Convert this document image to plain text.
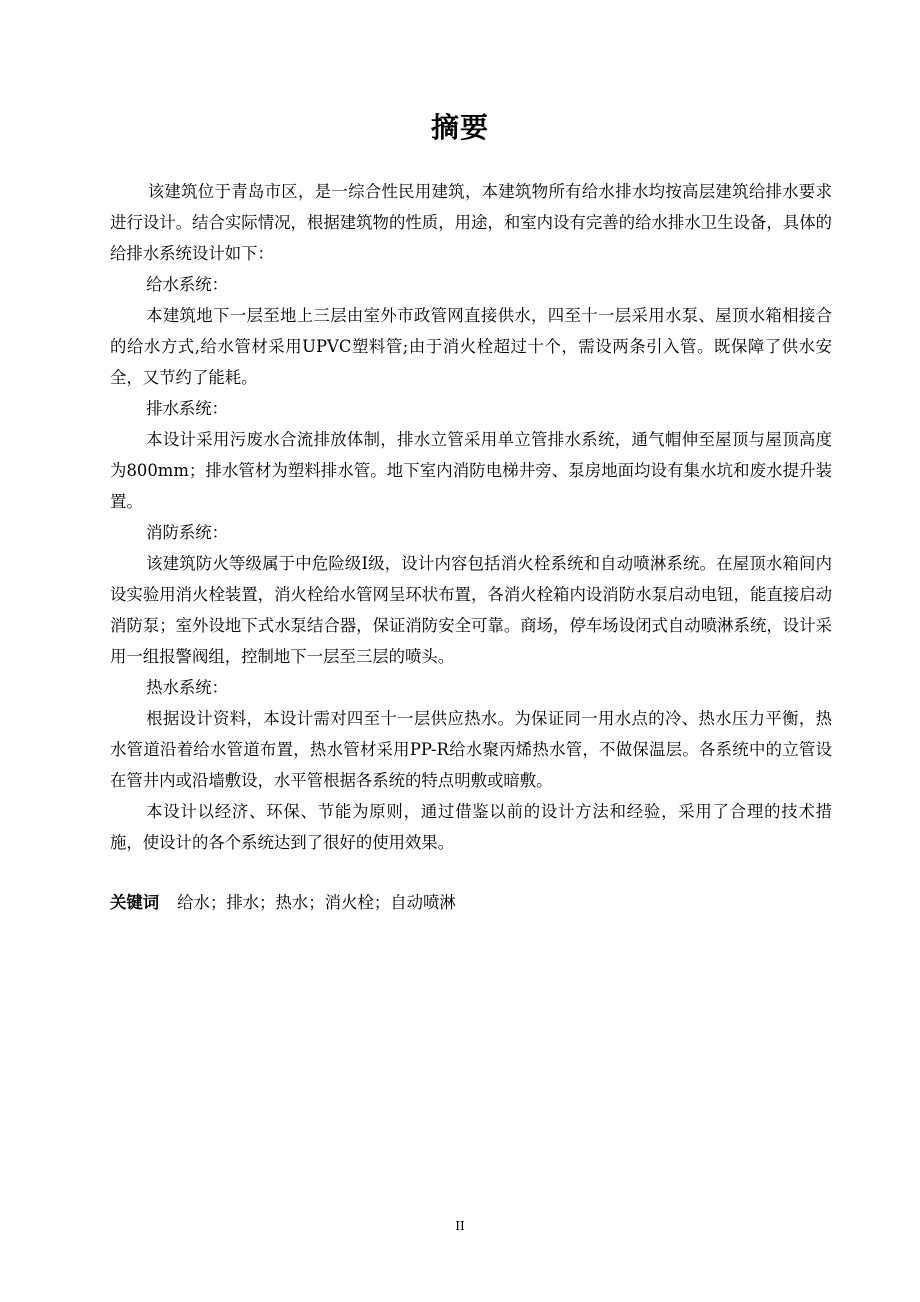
摘要

该建筑位于青岛市区，是一综合性民用建筑，本建筑物所有给水排水均按高层建筑给排水要求进行设计。结合实际情况，根据建筑物的性质，用途，和室内设有完善的给水排水卫生设备，具体的给排水系统设计如下：

给水系统：

本建筑地下一层至地上三层由室外市政管网直接供水，四至十一层采用水泵、屋顶水箱相接合的给水方式,给水管材采用UPVC塑料管;由于消火栓超过十个，需设两条引入管。既保障了供水安全，又节约了能耗。

排水系统：

本设计采用污废水合流排放体制，排水立管采用单立管排水系统，通气帽伸至屋顶与屋顶高度为800mm；排水管材为塑料排水管。地下室内消防电梯井旁、泵房地面均设有集水坑和废水提升装置。

消防系统：

该建筑防火等级属于中危险级Ⅰ级，设计内容包括消火栓系统和自动喷淋系统。在屋顶水箱间内设实验用消火栓装置，消火栓给水管网呈环状布置，各消火栓箱内设消防水泵启动电钮，能直接启动消防泵；室外设地下式水泵结合器，保证消防安全可靠。商场，停车场设闭式自动喷淋系统，设计采用一组报警阀组，控制地下一层至三层的喷头。

热水系统：

根据设计资料，本设计需对四至十一层供应热水。为保证同一用水点的冷、热水压力平衡，热水管道沿着给水管道布置，热水管材采用PP-R给水聚丙烯热水管，不做保温层。各系统中的立管设在管井内或沿墙敷设，水平管根据各系统的特点明敷或暗敷。

本设计以经济、环保、节能为原则，通过借鉴以前的设计方法和经验，采用了合理的技术措施，使设计的各个系统达到了很好的使用效果。

关键词 给水；排水；热水；消火栓；自动喷淋
II
